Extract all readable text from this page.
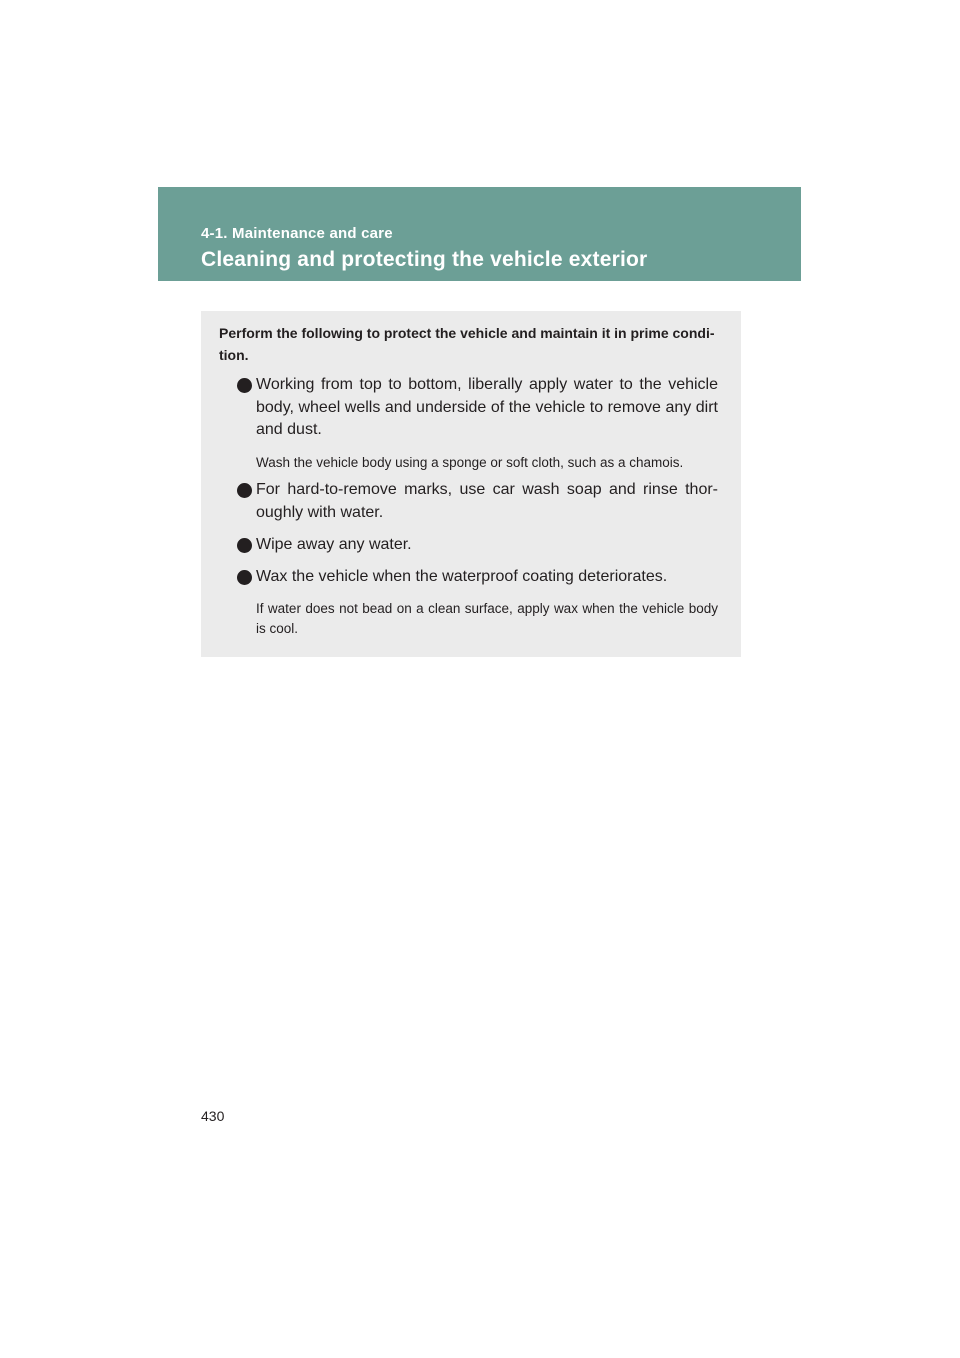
4-1. Maintenance and care
Cleaning and protecting the vehicle exterior
Perform the following to protect the vehicle and maintain it in prime condi- tion.
Working from top to bottom, liberally apply water to the vehicle body, wheel wells and underside of the vehicle to remove any dirt and dust.
Wash the vehicle body using a sponge or soft cloth, such as a chamois.
For hard-to-remove marks, use car wash soap and rinse thor- oughly with water.
Wipe away any water.
Wax the vehicle when the waterproof coating deteriorates.
If water does not bead on a clean surface, apply wax when the vehicle body is cool.
430
